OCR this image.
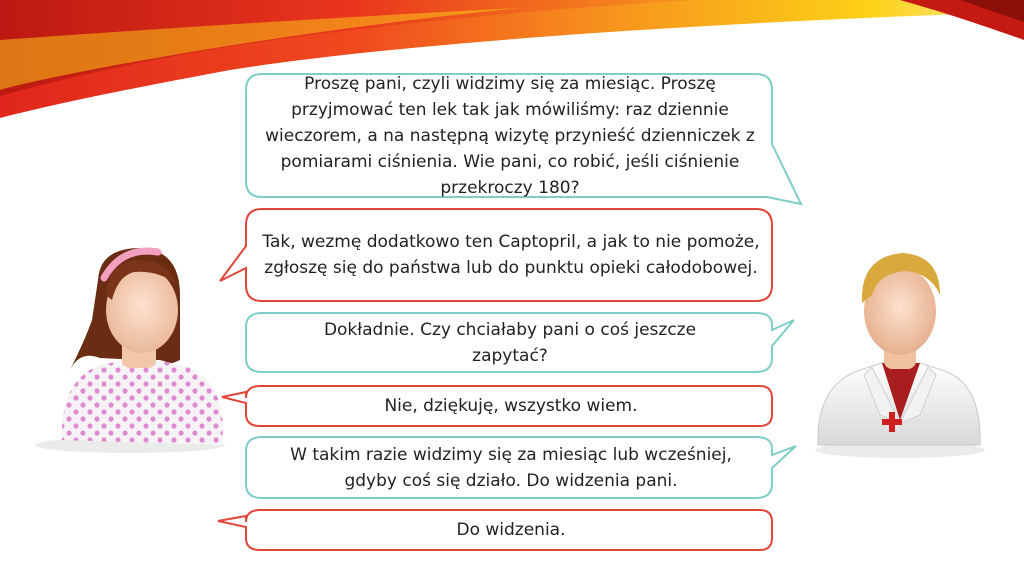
Proszę pani, czyli widzimy się za miesiąc. Proszę przyjmować ten lek tak jak mówiliśmy: raz dziennie wieczorem, a na następną wizytę przynieść dzienniczek z pomiarami ciśnienia. Wie pani, co robić, jeśli ciśnienie przekroczy 180?
Tak, wezmę dodatkowo ten Captopril, a jak to nie pomoże, zgłoszę się do państwa lub do punktu opieki całodobowej.
Dokładnie. Czy chciałaby pani o coś jeszcze zapytać?
Nie, dziękuję, wszystko wiem.
W takim razie widzimy się za miesiąc lub wcześniej, gdyby coś się działo. Do widzenia pani.
Do widzenia.
